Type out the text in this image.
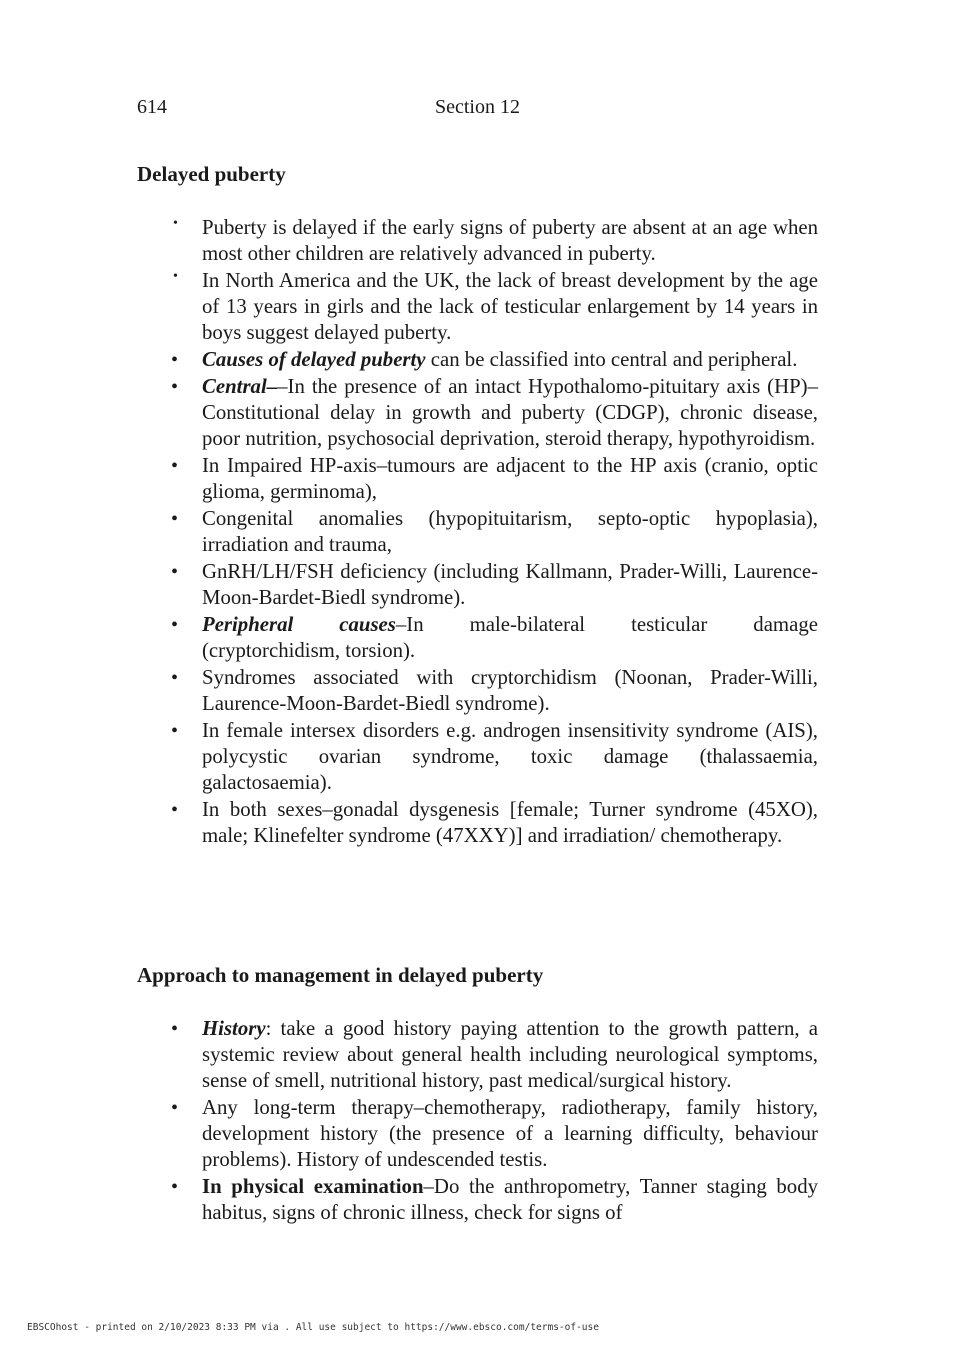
614	Section 12
Delayed puberty
• Puberty is delayed if the early signs of puberty are absent at an age when most other children are relatively advanced in puberty.
• In North America and the UK, the lack of breast development by the age of 13 years in girls and the lack of testicular enlargement by 14 years in boys suggest delayed puberty.
• Causes of delayed puberty can be classified into central and peripheral.
• Central––In the presence of an intact Hypothalomo-pituitary axis (HP)–Constitutional delay in growth and puberty (CDGP), chronic disease, poor nutrition, psychosocial deprivation, steroid therapy, hypothyroidism.
• In Impaired HP-axis–tumours are adjacent to the HP axis (cranio, optic glioma, germinoma),
• Congenital anomalies (hypopituitarism, septo-optic hypoplasia), irradiation and trauma,
• GnRH/LH/FSH deficiency (including Kallmann, Prader-Willi, Laurence-Moon-Bardet-Biedl syndrome).
• Peripheral causes–In male-bilateral testicular damage
(cryptorchidism, torsion).
• Syndromes associated with cryptorchidism (Noonan, Prader-Willi, Laurence-Moon-Bardet-Biedl syndrome).
• In female intersex disorders e.g. androgen insensitivity syndrome (AIS), polycystic ovarian syndrome, toxic damage (thalassaemia, galactosaemia).
• In both sexes–gonadal dysgenesis [female; Turner syndrome (45XO), male; Klinefelter syndrome (47XXY)] and irradiation/ chemotherapy.
Approach to management in delayed puberty
• History: take a good history paying attention to the growth pattern, a systemic review about general health including neurological symptoms, sense of smell, nutritional history, past medical/surgical history.
• Any long-term therapy–chemotherapy, radiotherapy, family history, development history (the presence of a learning difficulty, behaviour problems). History of undescended testis.
• In physical examination–Do the anthropometry, Tanner staging body habitus, signs of chronic illness, check for signs of
EBSCOhost - printed on 2/10/2023 8:33 PM via . All use subject to https://www.ebsco.com/terms-of-use
